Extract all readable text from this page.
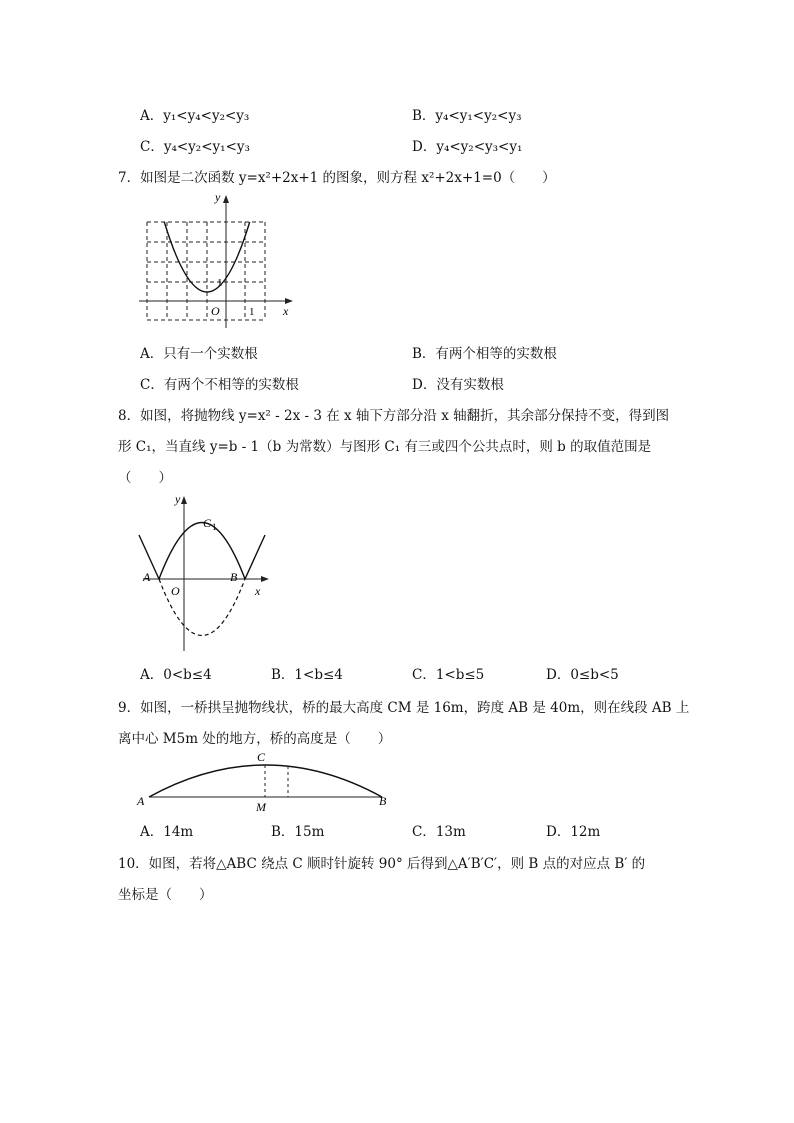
A．y₁<y₄<y₂<y₃	B．y₄<y₁<y₂<y₃
C．y₄<y₂<y₁<y₃	D．y₄<y₂<y₃<y₁
7．如图是二次函数 y=x²+2x+1 的图象，则方程 x²+2x+1=0（　　）
y
x
O	1
1
A．只有一个实数根	B．有两个相等的实数根
C．有两个不相等的实数根	D．没有实数根
8．如图，将抛物线 y=x² - 2x - 3 在 x 轴下方部分沿 x 轴翻折，其余部分保持不变，得到图
形 C₁，当直线 y=b - 1（b 为常数）与图形 C₁ 有三或四个公共点时，则 b 的取值范围是
（　　）
y
x
O
A	B
C 1
A．0<b≤4	B．1<b≤4	C．1<b≤5	D．0≤b<5
9．如图，一桥拱呈抛物线状，桥的最大高度 CM 是 16m，跨度 AB 是 40m，则在线段 AB 上
离中心 M5m 处的地方，桥的高度是（　　）
A	B
C
M
A．14m	B．15m	C．13m	D．12m
10．如图，若将△ABC 绕点 C 顺时针旋转 90° 后得到△A′B′C′，则 B 点的对应点 B′ 的
坐标是（　　）
